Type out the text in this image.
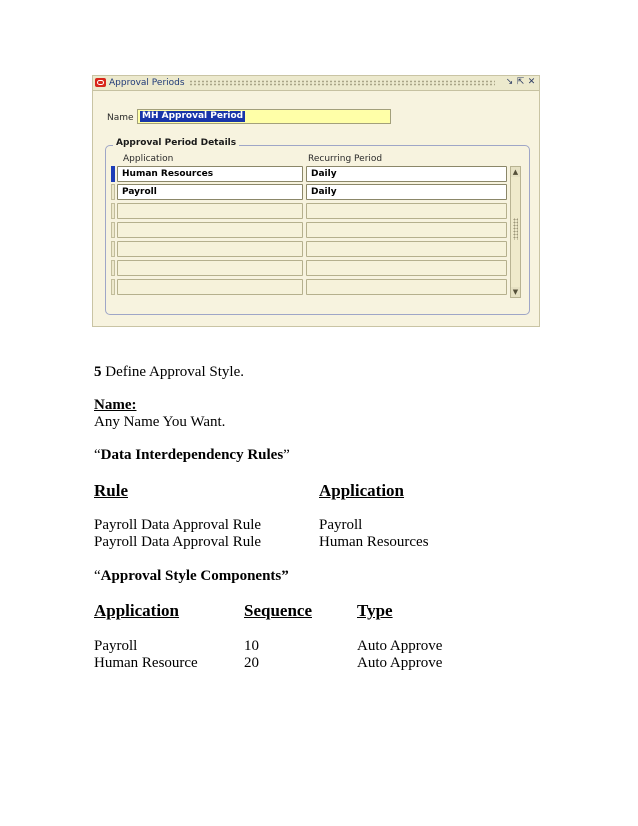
Approval Periods	↘ ⇱ ✕
Name MH Approval Period
Approval Period Details
Application	Recurring Period
Human Resources	Daily
Payroll	Daily
▲
▼
5 Define Approval Style.
Name:
Any Name You Want.
“Data Interdependency Rules”
Rule	Application
Payroll Data Approval Rule	Payroll
Payroll Data Approval Rule	Human Resources
“Approval Style Components”
Application	Sequence	Type
Payroll	10	Auto Approve
Human Resource	20	Auto Approve
